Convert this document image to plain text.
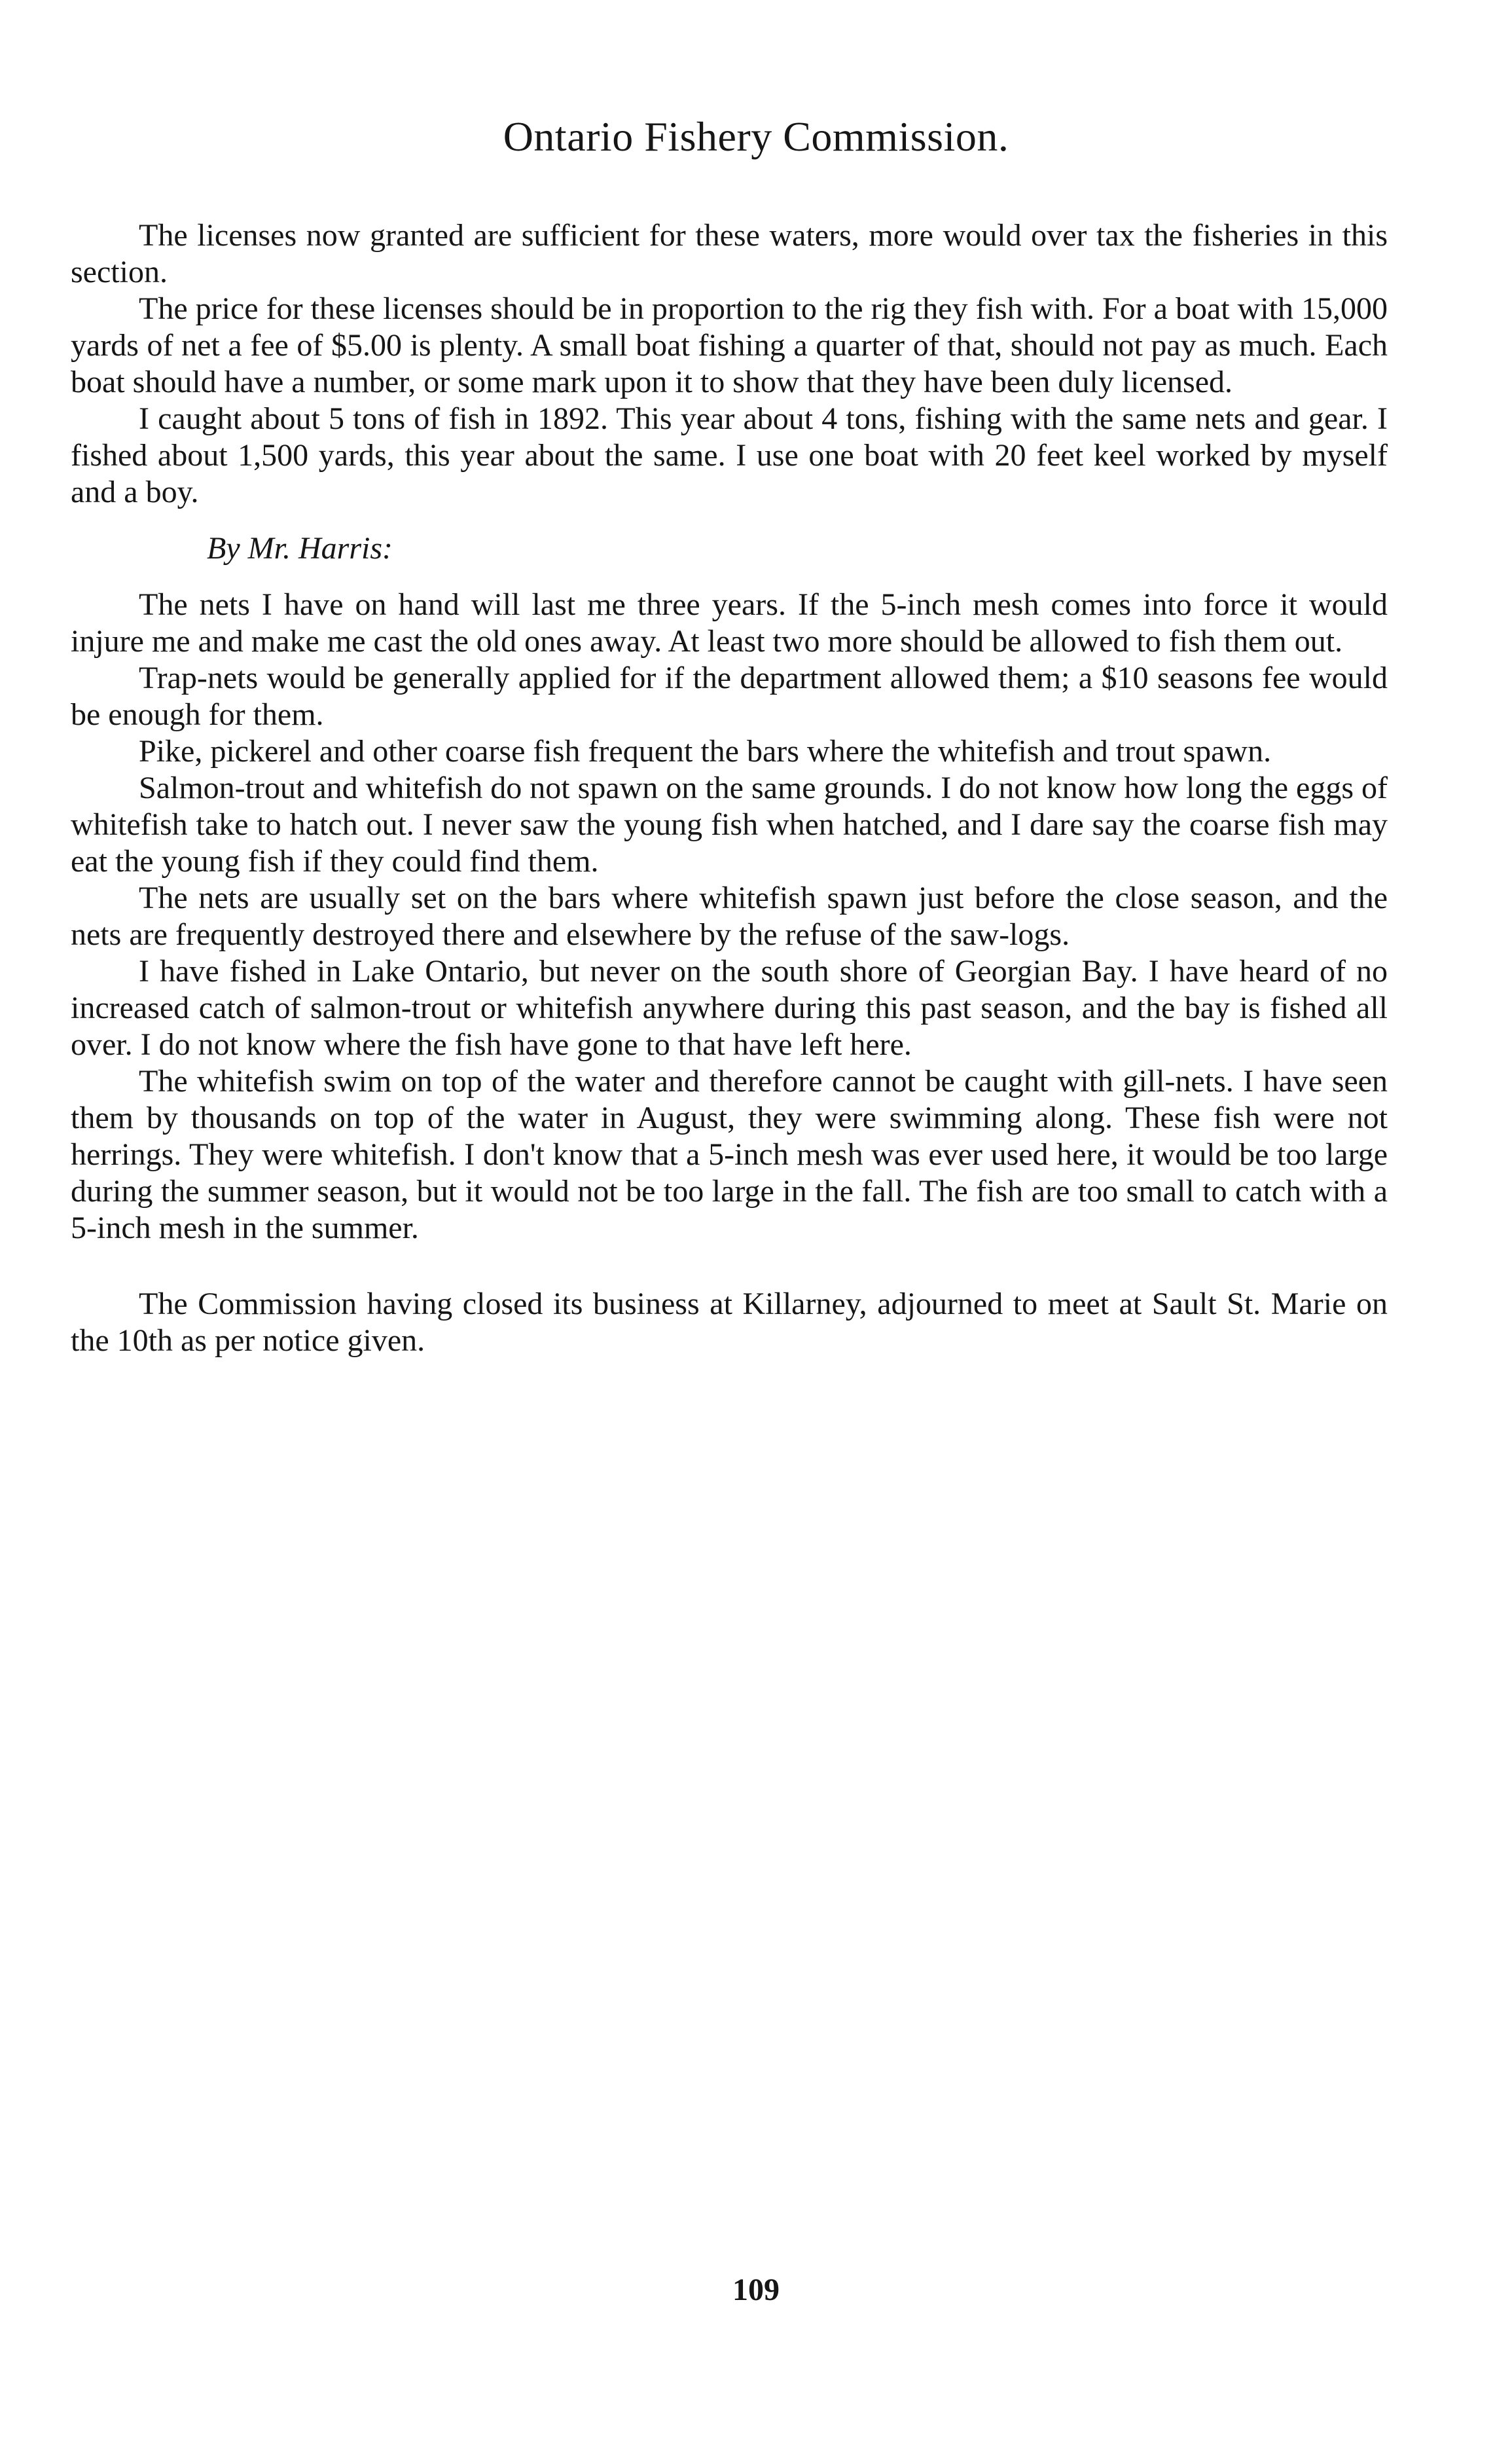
Ontario Fishery Commission.

The licenses now granted are sufficient for these waters, more would over tax the fisheries in this section.

The price for these licenses should be in proportion to the rig they fish with. For a boat with 15,000 yards of net a fee of $5.00 is plenty. A small boat fishing a quarter of that, should not pay as much. Each boat should have a number, or some mark upon it to show that they have been duly licensed.

I caught about 5 tons of fish in 1892. This year about 4 tons, fishing with the same nets and gear. I fished about 1,500 yards, this year about the same. I use one boat with 20 feet keel worked by myself and a boy.

By Mr. Harris:

The nets I have on hand will last me three years. If the 5-inch mesh comes into force it would injure me and make me cast the old ones away. At least two more should be allowed to fish them out.

Trap-nets would be generally applied for if the department allowed them; a $10 seasons fee would be enough for them.

Pike, pickerel and other coarse fish frequent the bars where the whitefish and trout spawn.

Salmon-trout and whitefish do not spawn on the same grounds. I do not know how long the eggs of whitefish take to hatch out. I never saw the young fish when hatched, and I dare say the coarse fish may eat the young fish if they could find them.

The nets are usually set on the bars where whitefish spawn just before the close season, and the nets are frequently destroyed there and elsewhere by the refuse of the saw-logs.

I have fished in Lake Ontario, but never on the south shore of Georgian Bay. I have heard of no increased catch of salmon-trout or whitefish anywhere during this past season, and the bay is fished all over. I do not know where the fish have gone to that have left here.

The whitefish swim on top of the water and therefore cannot be caught with gill-nets. I have seen them by thousands on top of the water in August, they were swimming along. These fish were not herrings. They were whitefish. I don't know that a 5-inch mesh was ever used here, it would be too large during the summer season, but it would not be too large in the fall. The fish are too small to catch with a 5-inch mesh in the summer.

The Commission having closed its business at Killarney, adjourned to meet at Sault St. Marie on the 10th as per notice given.

109
